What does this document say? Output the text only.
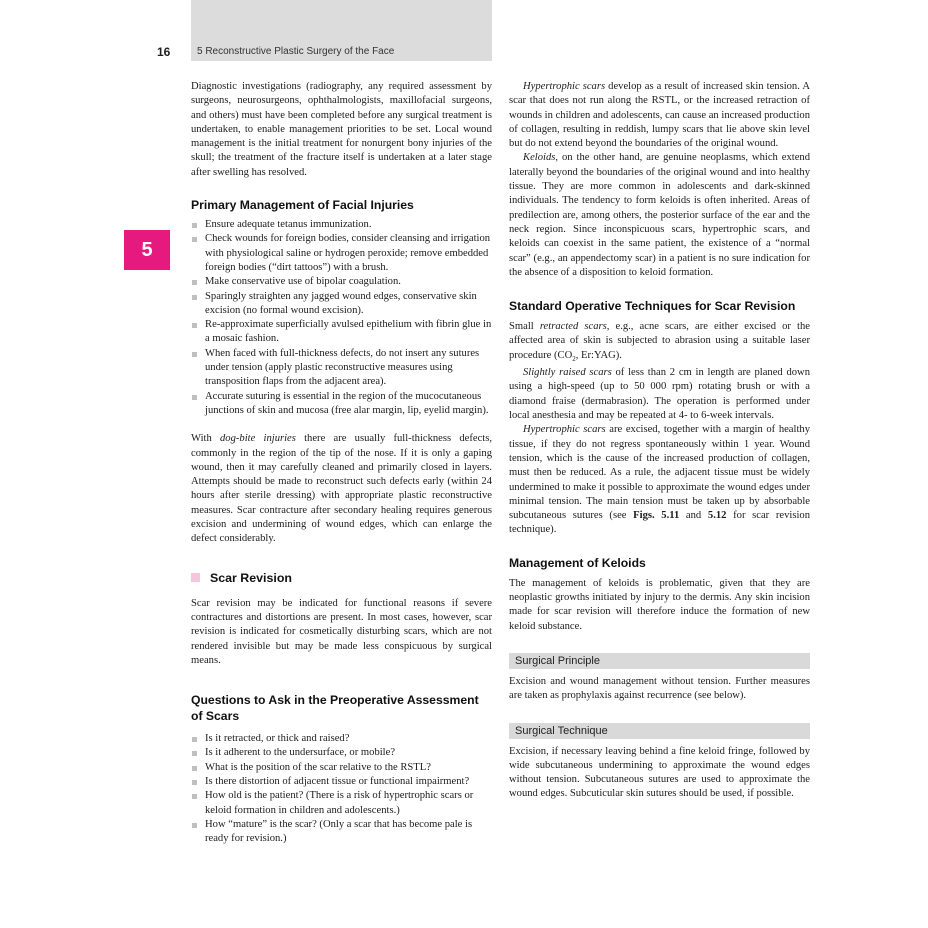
16	5 Reconstructive Plastic Surgery of the Face
5

Diagnostic investigations (radiography, any required assessment by surgeons, neurosurgeons, ophthalmologists, maxillofacial surgeons, and others) must have been completed before any surgical treatment is undertaken, to enable management priorities to be set. Local wound management is the initial treatment for nonurgent bony injuries of the skull; the treatment of the fracture itself is undertaken at a later stage after swelling has resolved.

Primary Management of Facial Injuries
Ensure adequate tetanus immunization.
Check wounds for foreign bodies, consider cleansing and irrigation with physiological saline or hydrogen peroxide; remove embedded foreign bodies (“dirt tattoos”) with a brush.
Make conservative use of bipolar coagulation.
Sparingly straighten any jagged wound edges, conservative skin excision (no formal wound excision).
Re-approximate superficially avulsed epithelium with fibrin glue in a mosaic fashion.
When faced with full-thickness defects, do not insert any sutures under tension (apply plastic reconstructive measures using transposition flaps from the adjacent area).
Accurate suturing is essential in the region of the mucocutaneous junctions of skin and mucosa (free alar margin, lip, eyelid margin).

With dog-bite injuries there are usually full-thickness defects, commonly in the region of the tip of the nose. If it is only a gaping wound, then it may carefully cleaned and primarily closed in layers. Attempts should be made to reconstruct such defects early (within 24 hours after sterile dressing) with appropriate plastic reconstructive measures. Scar contracture after secondary healing requires generous excision and undermining of wound edges, which can enlarge the defect considerably.

Scar Revision

Scar revision may be indicated for functional reasons if severe contractures and distortions are present. In most cases, however, scar revision is indicated for cosmetically disturbing scars, which are not rendered invisible but may be made less conspicuous by surgical means.

Questions to Ask in the Preoperative Assessment of Scars
Is it retracted, or thick and raised?
Is it adherent to the undersurface, or mobile?
What is the position of the scar relative to the RSTL?
Is there distortion of adjacent tissue or functional impairment?
How old is the patient? (There is a risk of hypertrophic scars or keloid formation in children and adolescents.)
How “mature” is the scar? (Only a scar that has become pale is ready for revision.)

Hypertrophic scars develop as a result of increased skin tension. A scar that does not run along the RSTL, or the increased retraction of wounds in children and adolescents, can cause an increased production of collagen, resulting in reddish, lumpy scars that lie above skin level but do not extend beyond the boundaries of the original wound.

Keloids, on the other hand, are genuine neoplasms, which extend laterally beyond the boundaries of the original wound and into healthy tissue. They are more common in adolescents and dark-skinned individuals. The tendency to form keloids is often inherited. Areas of predilection are, among others, the posterior surface of the ear and the neck region. Since inconspicuous scars, hypertrophic scars, and keloids can coexist in the same patient, the existence of a “normal scar” (e.g., an appendectomy scar) in a patient is no sure indication for the absence of a disposition to keloid formation.

Standard Operative Techniques for Scar Revision

Small retracted scars, e.g., acne scars, are either excised or the affected area of skin is subjected to abrasion using a suitable laser procedure ($CO_2$, Er:YAG).

Slightly raised scars of less than 2 cm in length are planed down using a high-speed (up to 50 000 rpm) rotating brush or with a diamond fraise (dermabrasion). The operation is performed under local anesthesia and may be repeated at 4- to 6-week intervals.

Hypertrophic scars are excised, together with a margin of healthy tissue, if they do not regress spontaneously within 1 year. Wound tension, which is the cause of the increased production of collagen, must then be reduced. As a rule, the adjacent tissue must be widely undermined to make it possible to approximate the wound edges under minimal tension. The main tension must be taken up by absorbable subcutaneous sutures (see Figs. 5.11 and 5.12 for scar revision technique).

Management of Keloids

The management of keloids is problematic, given that they are neoplastic growths initiated by injury to the dermis. Any skin incision made for scar revision will therefore induce the formation of new keloid substance.

Surgical Principle

Excision and wound management without tension. Further measures are taken as prophylaxis against recurrence (see below).

Surgical Technique

Excision, if necessary leaving behind a fine keloid fringe, followed by wide subcutaneous undermining to approximate the wound edges without tension. Subcutaneous sutures are used to approximate the wound edges. Subcuticular skin sutures should be used, if possible.
